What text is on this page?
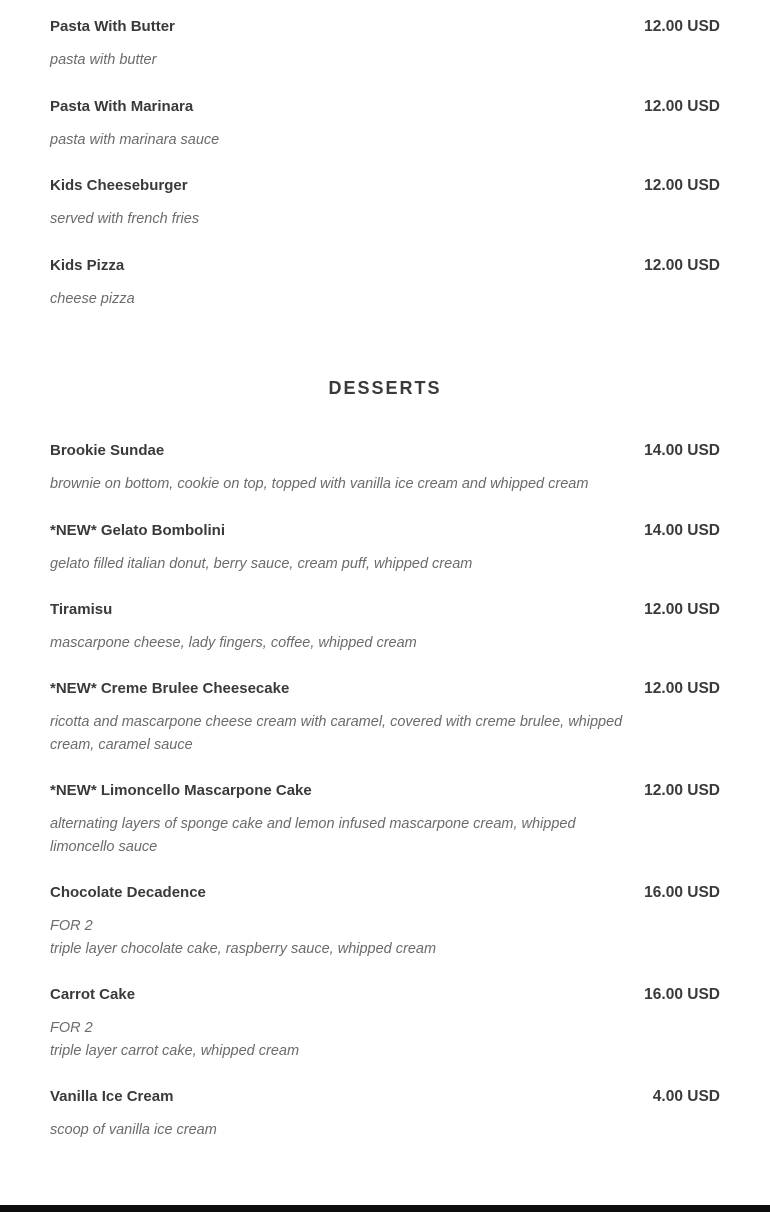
Pasta With Butter	12.00 USD
pasta with butter
Pasta With Marinara	12.00 USD
pasta with marinara sauce
Kids Cheeseburger	12.00 USD
served with french fries
Kids Pizza	12.00 USD
cheese pizza
DESSERTS
Brookie Sundae	14.00 USD
brownie on bottom, cookie on top, topped with vanilla ice cream and whipped cream
*NEW* Gelato Bombolini	14.00 USD
gelato filled italian donut, berry sauce, cream puff, whipped cream
Tiramisu	12.00 USD
mascarpone cheese, lady fingers, coffee, whipped cream
*NEW* Creme Brulee Cheesecake	12.00 USD
ricotta and mascarpone cheese cream with caramel, covered with creme brulee, whipped
cream, caramel sauce
*NEW* Limoncello Mascarpone Cake	12.00 USD
alternating layers of sponge cake and lemon infused mascarpone cream, whipped
limoncello sauce
Chocolate Decadence	16.00 USD
FOR 2
triple layer chocolate cake, raspberry sauce, whipped cream
Carrot Cake	16.00 USD
FOR 2
triple layer carrot cake, whipped cream
Vanilla Ice Cream	4.00 USD
scoop of vanilla ice cream
